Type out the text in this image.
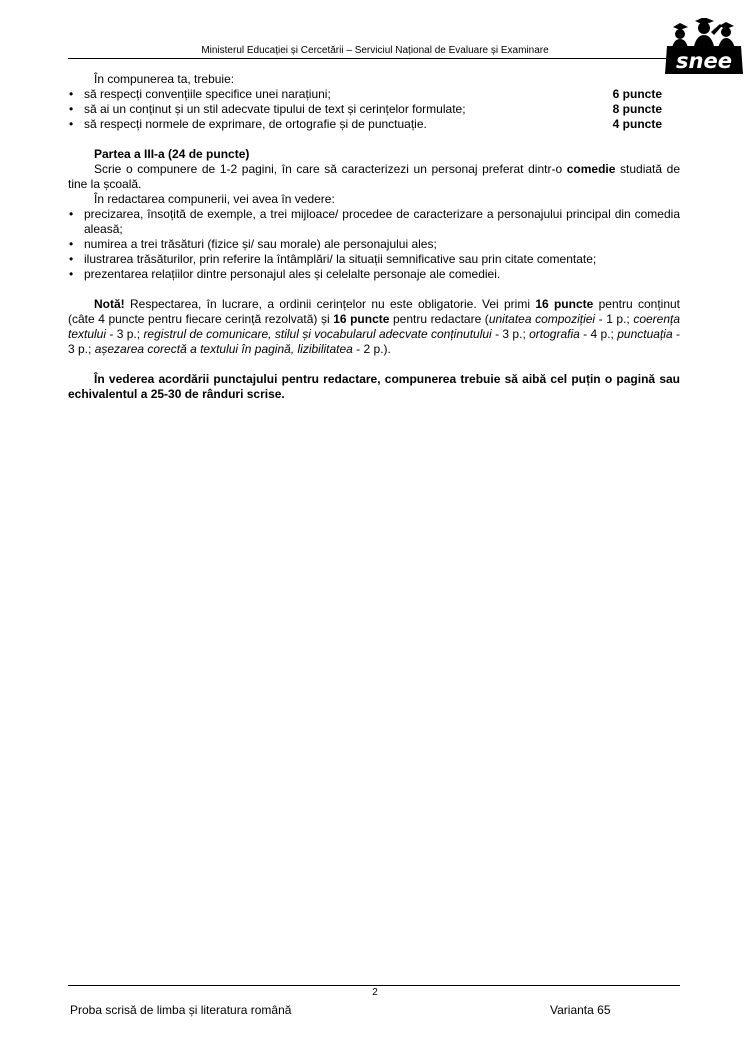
Ministerul Educației și Cercetării – Serviciul Național de Evaluare și Examinare	snee

În compunerea ta, trebuie:

• să respecți convențiile specifice unei narațiuni;	6 puncte
• să ai un conținut și un stil adecvate tipului de text și cerințelor formulate;	8 puncte
• să respecți normele de exprimare, de ortografie și de punctuație.	4 puncte

Partea a III-a (24 de puncte)

Scrie o compunere de 1-2 pagini, în care să caracterizezi un personaj preferat dintr-o comedie studiată de tine la școală.

În redactarea compunerii, vei avea în vedere:

• precizarea, însoțită de exemple, a trei mijloace/ procedee de caracterizare a personajului principal din comedia aleasă;
• numirea a trei trăsături (fizice și/ sau morale) ale personajului ales;
• ilustrarea trăsăturilor, prin referire la întâmplări/ la situații semnificative sau prin citate comentate;
• prezentarea relațiilor dintre personajul ales și celelalte personaje ale comediei.

Notă! Respectarea, în lucrare, a ordinii cerințelor nu este obligatorie. Vei primi 16 puncte pentru conținut (câte 4 puncte pentru fiecare cerință rezolvată) și 16 puncte pentru redactare (unitatea compoziției - 1 p.; coerența textului - 3 p.; registrul de comunicare, stilul și vocabularul adecvate conținutului - 3 p.; ortografia - 4 p.; punctuația - 3 p.; așezarea corectă a textului în pagină, lizibilitatea - 2 p.).

În vederea acordării punctajului pentru redactare, compunerea trebuie să aibă cel puțin o pagină sau echivalentul a 25-30 de rânduri scrise.

2
Proba scrisă de limba și literatura română	Varianta 65
